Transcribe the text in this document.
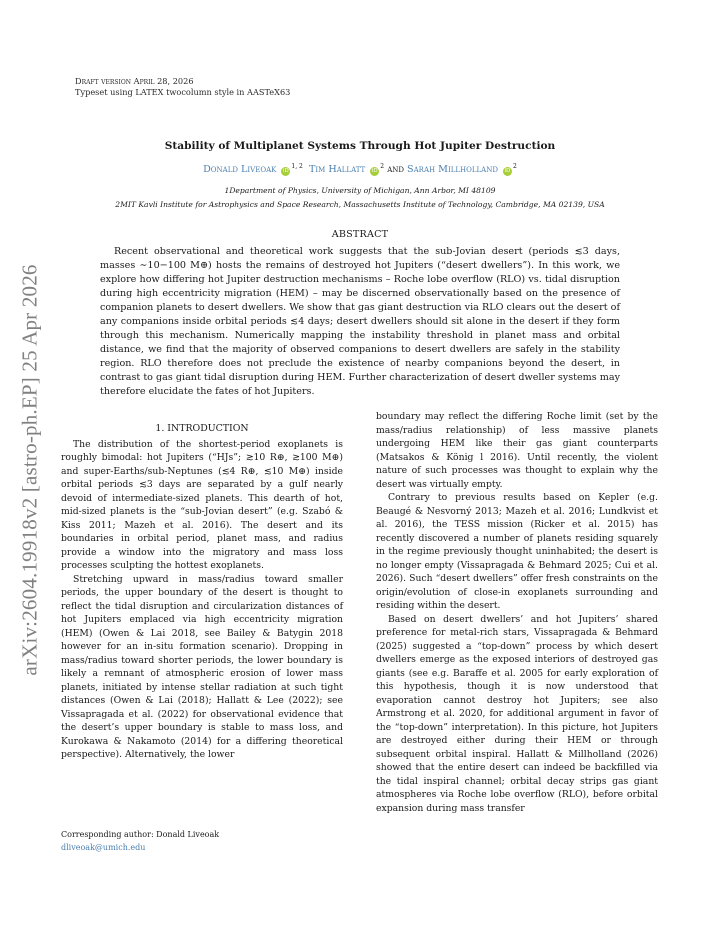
arXiv:2604.19918v2 [astro-ph.EP] 25 Apr 2026
Draft version April 28, 2026
Typeset using LATEX twocolumn style in AASTeX63
Stability of Multiplanet Systems Through Hot Jupiter Destruction
Donald Liveoak iD$^{1, 2}$ Tim Hallatt $iD^2$ and Sarah Millholland $iD^2$
1Department of Physics, University of Michigan, Ann Arbor, MI 48109
2MIT Kavli Institute for Astrophysics and Space Research, Massachusetts Institute of Technology, Cambridge, MA 02139, USA
ABSTRACT

Recent observational and theoretical work suggests that the sub-Jovian desert (periods ≲3 days, masses ∼10−100 M⊕) hosts the remains of destroyed hot Jupiters (“desert dwellers”). In this work, we explore how differing hot Jupiter destruction mechanisms – Roche lobe overflow (RLO) vs. tidal disruption during high eccentricity migration (HEM) – may be discerned observationally based on the presence of companion planets to desert dwellers. We show that gas giant destruction via RLO clears out the desert of any companions inside orbital periods ≲4 days; desert dwellers should sit alone in the desert if they form through this mechanism. Numerically mapping the instability threshold in planet mass and orbital distance, we find that the majority of observed companions to desert dwellers are safely in the stability region. RLO therefore does not preclude the existence of nearby companions beyond the desert, in contrast to gas giant tidal disruption during HEM. Further characterization of desert dweller systems may therefore elucidate the fates of hot Jupiters.

1. INTRODUCTION

The distribution of the shortest-period exoplanets is roughly bimodal: hot Jupiters (“HJs”; ≳10 R⊕, ≳100 M⊕) and super-Earths/sub-Neptunes (≲4 R⊕, ≲10 M⊕) inside orbital periods ≲3 days are separated by a gulf nearly devoid of intermediate-sized planets. This dearth of hot, mid-sized planets is the “sub-Jovian desert” (e.g. Szabó & Kiss 2011; Mazeh et al. 2016). The desert and its boundaries in orbital period, planet mass, and radius provide a window into the migratory and mass loss processes sculpting the hottest exoplanets.

Stretching upward in mass/radius toward smaller periods, the upper boundary of the desert is thought to reflect the tidal disruption and circularization distances of hot Jupiters emplaced via high eccentricity migration (HEM) (Owen & Lai 2018, see Bailey & Batygin 2018 however for an in-situ formation scenario). Dropping in mass/radius toward shorter periods, the lower boundary is likely a remnant of atmospheric erosion of lower mass planets, initiated by intense stellar radiation at such tight distances (Owen & Lai (2018); Hallatt & Lee (2022); see Vissapragada et al. (2022) for observational evidence that the desert’s upper boundary is stable to mass loss, and Kurokawa & Nakamoto (2014) for a differing theoretical perspective). Alternatively, the lower

boundary may reflect the differing Roche limit (set by the mass/radius relationship) of less massive planets undergoing HEM like their gas giant counterparts (Matsakos & König l 2016). Until recently, the violent nature of such processes was thought to explain why the desert was virtually empty.

Contrary to previous results based on Kepler (e.g. Beaugé & Nesvorný 2013; Mazeh et al. 2016; Lundkvist et al. 2016), the TESS mission (Ricker et al. 2015) has recently discovered a number of planets residing squarely in the regime previously thought uninhabited; the desert is no longer empty (Vissapragada & Behmard 2025; Cui et al. 2026). Such “desert dwellers” offer fresh constraints on the origin/evolution of close-in exoplanets surrounding and residing within the desert.

Based on desert dwellers’ and hot Jupiters’ shared preference for metal-rich stars, Vissapragada & Behmard (2025) suggested a “top-down” process by which desert dwellers emerge as the exposed interiors of destroyed gas giants (see e.g. Baraffe et al. 2005 for early exploration of this hypothesis, though it is now understood that evaporation cannot destroy hot Jupiters; see also Armstrong et al. 2020, for additional argument in favor of the “top-down” interpretation). In this picture, hot Jupiters are destroyed either during their HEM or through subsequent orbital inspiral. Hallatt & Millholland (2026) showed that the entire desert can indeed be backfilled via the tidal inspiral channel; orbital decay strips gas giant atmospheres via Roche lobe overflow (RLO), before orbital expansion during mass transfer

Corresponding author: Donald Liveoak
dliveoak@umich.edu
